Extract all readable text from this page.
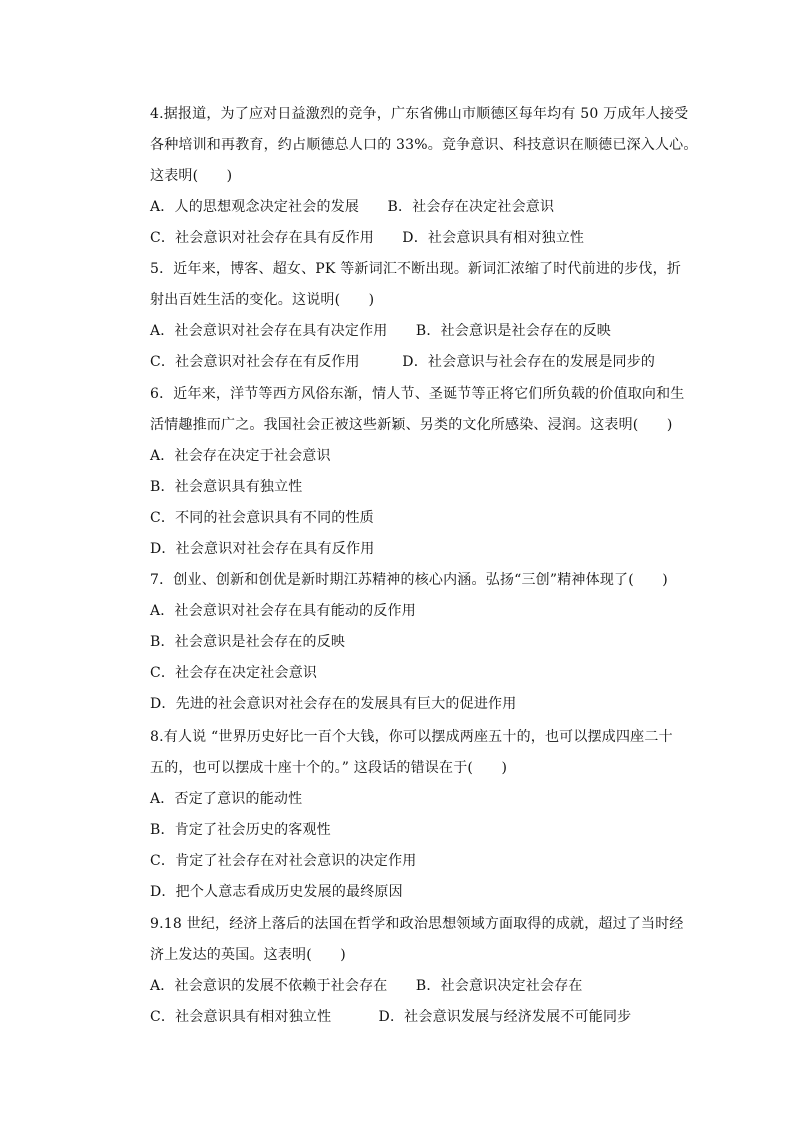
4.据报道，为了应对日益激烈的竞争，广东省佛山市顺德区每年均有 50 万成年人接受
各种培训和再教育，约占顺德总人口的 33%。竞争意识、科技意识在顺德已深入人心。
这表明(　　)
A．人的思想观念决定社会的发展　　B．社会存在决定社会意识
C．社会意识对社会存在具有反作用　　D．社会意识具有相对独立性
5．近年来，博客、超女、PK 等新词汇不断出现。新词汇浓缩了时代前进的步伐，折
射出百姓生活的变化。这说明(　　)
A．社会意识对社会存在具有决定作用　　B．社会意识是社会存在的反映
C．社会意识对社会存在有反作用　　　D．社会意识与社会存在的发展是同步的
6．近年来，洋节等西方风俗东渐，情人节、圣诞节等正将它们所负载的价值取向和生
活情趣推而广之。我国社会正被这些新颖、另类的文化所感染、浸润。这表明(　　)
A．社会存在决定于社会意识
B．社会意识具有独立性
C．不同的社会意识具有不同的性质
D．社会意识对社会存在具有反作用
7．创业、创新和创优是新时期江苏精神的核心内涵。弘扬“三创”精神体现了(　　)
A．社会意识对社会存在具有能动的反作用
B．社会意识是社会存在的反映
C．社会存在决定社会意识
D．先进的社会意识对社会存在的发展具有巨大的促进作用
8.有人说 “世界历史好比一百个大钱，你可以摆成两座五十的，也可以摆成四座二十
五的，也可以摆成十座十个的。” 这段话的错误在于(　　)
A．否定了意识的能动性
B．肯定了社会历史的客观性
C．肯定了社会存在对社会意识的决定作用
D．把个人意志看成历史发展的最终原因
9.18 世纪，经济上落后的法国在哲学和政治思想领域方面取得的成就，超过了当时经
济上发达的英国。这表明(　　)
A．社会意识的发展不依赖于社会存在　　B．社会意识决定社会存在
C．社会意识具有相对独立性　　　 D．社会意识发展与经济发展不可能同步
